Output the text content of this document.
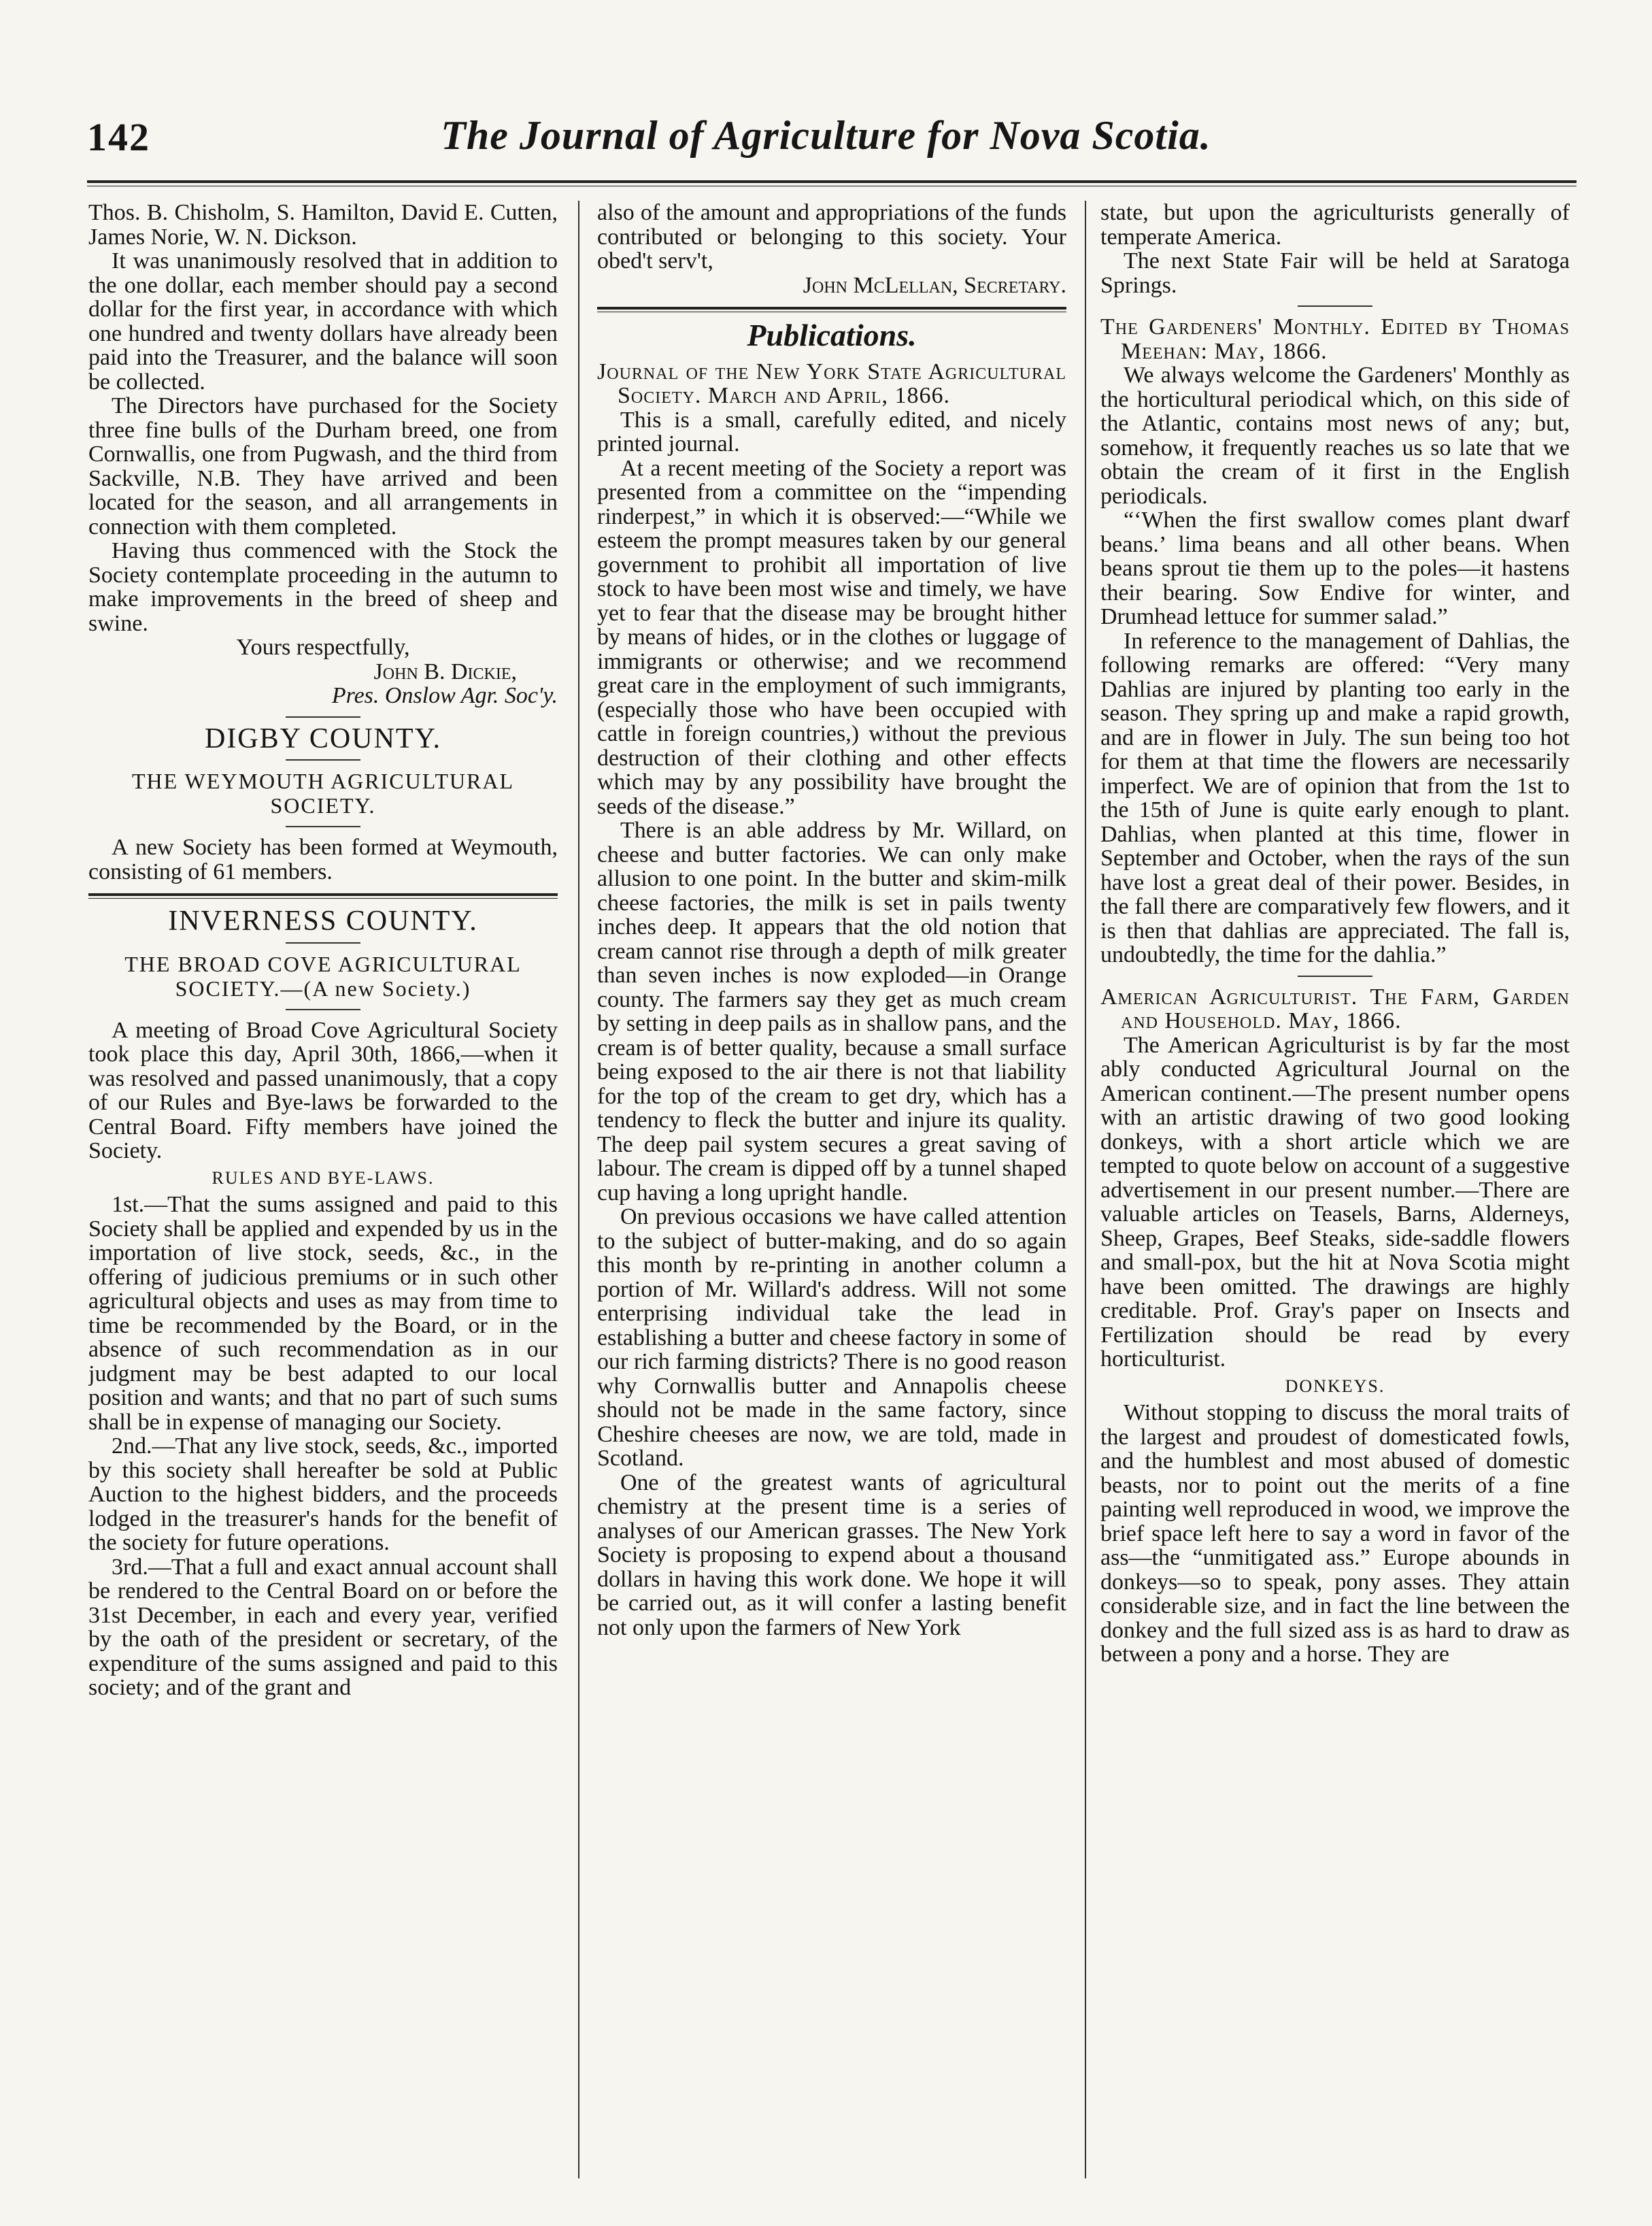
142	The Journal of Agriculture for Nova Scotia.

Thos. B. Chisholm, S. Hamilton, David E. Cutten, James Norie, W. N. Dickson.

It was unanimously resolved that in addition to the one dollar, each member should pay a second dollar for the first year, in accordance with which one hundred and twenty dollars have already been paid into the Treasurer, and the balance will soon be collected.

The Directors have purchased for the Society three fine bulls of the Durham breed, one from Cornwallis, one from Pugwash, and the third from Sackville, N.B. They have arrived and been located for the season, and all arrangements in connection with them completed.

Having thus commenced with the Stock the Society contemplate proceeding in the autumn to make improvements in the breed of sheep and swine.

Yours respectfully,

John B. Dickie,

Pres. Onslow Agr. Soc'y.

DIGBY COUNTY.
THE WEYMOUTH AGRICULTURAL SOCIETY.

A new Society has been formed at Weymouth, consisting of 61 members.

INVERNESS COUNTY.
THE BROAD COVE AGRICULTURAL SOCIETY.—(A new Society.)

A meeting of Broad Cove Agricultural Society took place this day, April 30th, 1866,—when it was resolved and passed unanimously, that a copy of our Rules and Bye-laws be forwarded to the Central Board. Fifty members have joined the Society.

RULES AND BYE-LAWS.

1st.—That the sums assigned and paid to this Society shall be applied and expended by us in the importation of live stock, seeds, &c., in the offering of judicious premiums or in such other agricultural objects and uses as may from time to time be recommended by the Board, or in the absence of such recommendation as in our judgment may be best adapted to our local position and wants; and that no part of such sums shall be in expense of managing our Society.

2nd.—That any live stock, seeds, &c., imported by this society shall hereafter be sold at Public Auction to the highest bidders, and the proceeds lodged in the treasurer's hands for the benefit of the society for future operations.

3rd.—That a full and exact annual account shall be rendered to the Central Board on or before the 31st December, in each and every year, verified by the oath of the president or secretary, of the expenditure of the sums assigned and paid to this society; and of the grant and

also of the amount and appropriations of the funds contributed or belonging to this society. Your obed't serv't,

John McLellan, Secretary.

Publications.

Journal of the New York State Agricultural Society. March and April, 1866.

This is a small, carefully edited, and nicely printed journal.

At a recent meeting of the Society a report was presented from a committee on the “impending rinderpest,” in which it is observed:—“While we esteem the prompt measures taken by our general government to prohibit all importation of live stock to have been most wise and timely, we have yet to fear that the disease may be brought hither by means of hides, or in the clothes or luggage of immigrants or otherwise; and we recommend great care in the employment of such immigrants, (especially those who have been occupied with cattle in foreign countries,) without the previous destruction of their clothing and other effects which may by any possibility have brought the seeds of the disease.”

There is an able address by Mr. Willard, on cheese and butter factories. We can only make allusion to one point. In the butter and skim-milk cheese factories, the milk is set in pails twenty inches deep. It appears that the old notion that cream cannot rise through a depth of milk greater than seven inches is now exploded—in Orange county. The farmers say they get as much cream by setting in deep pails as in shallow pans, and the cream is of better quality, because a small surface being exposed to the air there is not that liability for the top of the cream to get dry, which has a tendency to fleck the butter and injure its quality. The deep pail system secures a great saving of labour. The cream is dipped off by a tunnel shaped cup having a long upright handle.

On previous occasions we have called attention to the subject of butter-making, and do so again this month by re-printing in another column a portion of Mr. Willard's address. Will not some enterprising individual take the lead in establishing a butter and cheese factory in some of our rich farming districts? There is no good reason why Cornwallis butter and Annapolis cheese should not be made in the same factory, since Cheshire cheeses are now, we are told, made in Scotland.

One of the greatest wants of agricultural chemistry at the present time is a series of analyses of our American grasses. The New York Society is proposing to expend about a thousand dollars in having this work done. We hope it will be carried out, as it will confer a lasting benefit not only upon the farmers of New York

state, but upon the agriculturists generally of temperate America.

The next State Fair will be held at Saratoga Springs.

The Gardeners' Monthly. Edited by Thomas Meehan: May, 1866.

We always welcome the Gardeners' Monthly as the horticultural periodical which, on this side of the Atlantic, contains most news of any; but, somehow, it frequently reaches us so late that we obtain the cream of it first in the English periodicals.

“‘When the first swallow comes plant dwarf beans.’ lima beans and all other beans. When beans sprout tie them up to the poles—it hastens their bearing. Sow Endive for winter, and Drumhead lettuce for summer salad.”

In reference to the management of Dahlias, the following remarks are offered: “Very many Dahlias are injured by planting too early in the season. They spring up and make a rapid growth, and are in flower in July. The sun being too hot for them at that time the flowers are necessarily imperfect. We are of opinion that from the 1st to the 15th of June is quite early enough to plant. Dahlias, when planted at this time, flower in September and October, when the rays of the sun have lost a great deal of their power. Besides, in the fall there are comparatively few flowers, and it is then that dahlias are appreciated. The fall is, undoubtedly, the time for the dahlia.”

American Agriculturist. The Farm, Garden and Household. May, 1866.

The American Agriculturist is by far the most ably conducted Agricultural Journal on the American continent.—The present number opens with an artistic drawing of two good looking donkeys, with a short article which we are tempted to quote below on account of a suggestive advertisement in our present number.—There are valuable articles on Teasels, Barns, Alderneys, Sheep, Grapes, Beef Steaks, side-saddle flowers and small-pox, but the hit at Nova Scotia might have been omitted. The drawings are highly creditable. Prof. Gray's paper on Insects and Fertilization should be read by every horticulturist.

DONKEYS.

Without stopping to discuss the moral traits of the largest and proudest of domesticated fowls, and the humblest and most abused of domestic beasts, nor to point out the merits of a fine painting well reproduced in wood, we improve the brief space left here to say a word in favor of the ass—the “unmitigated ass.” Europe abounds in donkeys—so to speak, pony asses. They attain considerable size, and in fact the line between the donkey and the full sized ass is as hard to draw as between a pony and a horse. They are
